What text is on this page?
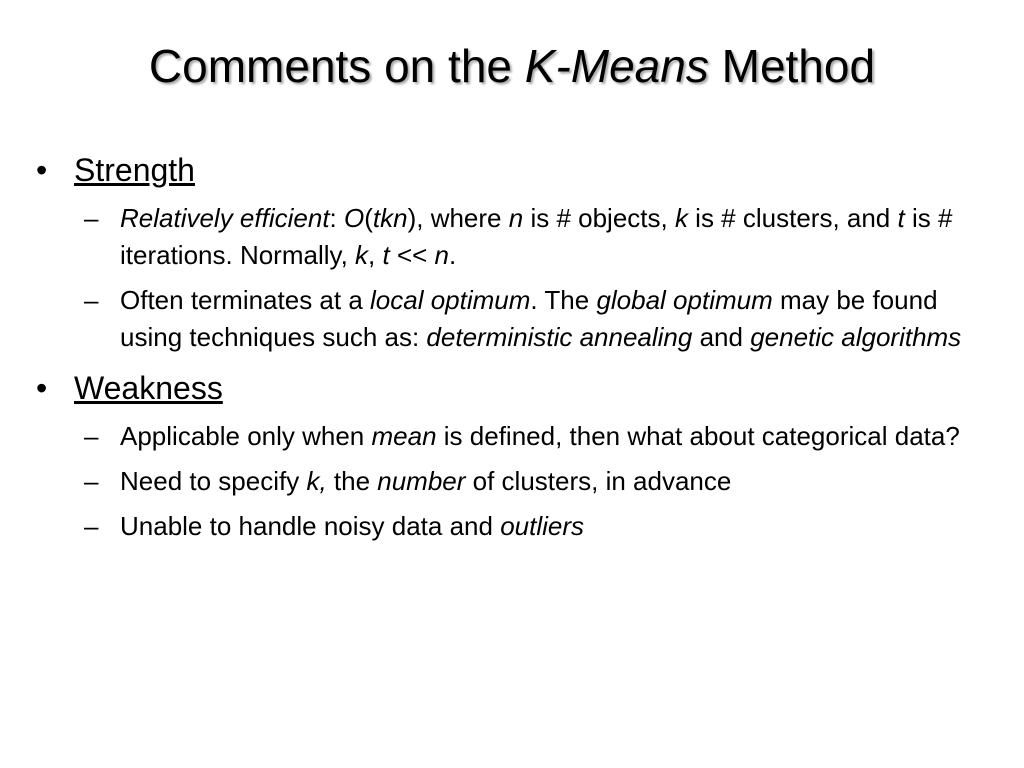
Comments on the K-Means Method
• Strength
– Relatively efficient: O(tkn), where n is # objects, k is # clusters, and t is # iterations. Normally, k, t << n.
– Often terminates at a local optimum. The global optimum may be found using techniques such as: deterministic annealing and genetic algorithms
• Weakness
– Applicable only when mean is defined, then what about categorical data?
– Need to specify k, the number of clusters, in advance
– Unable to handle noisy data and outliers
